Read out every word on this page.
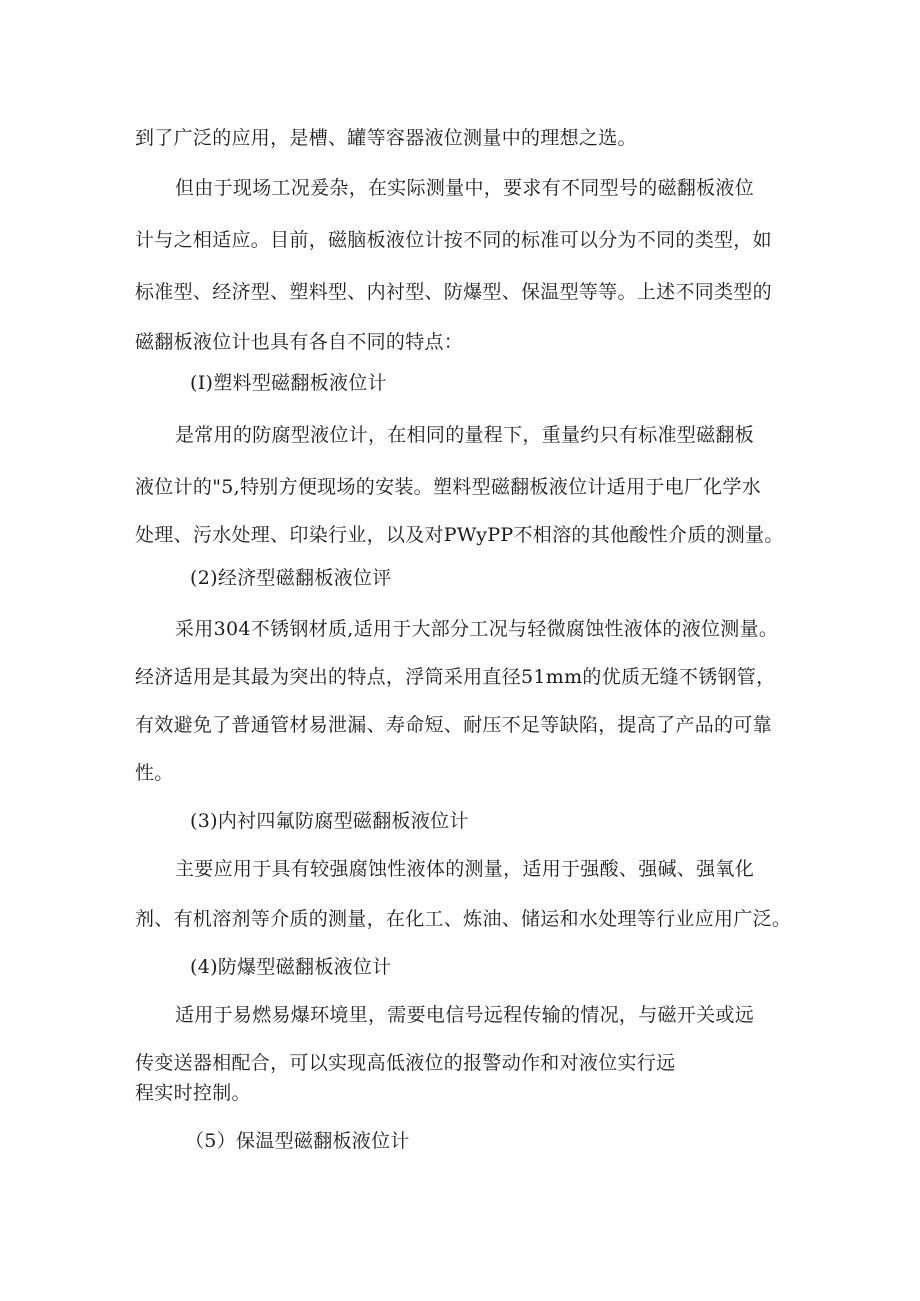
到了广泛的应用，是槽、罐等容器液位测量中的理想之选。
但由于现场工况爰杂，在实际测量中，要求有不同型号的磁翻板液位
计与之相适应。目前，磁脑板液位计按不同的标准可以分为不同的类型，如
标准型、经济型、塑料型、内衬型、防爆型、保温型等等。上述不同类型的
磁翻板液位计也具有各自不同的特点：
(I)塑料型磁翻板液位计
是常用的防腐型液位计，在相同的量程下，重量约只有标准型磁翻板
液位计的"5,特别方便现场的安装。塑料型磁翻板液位计适用于电厂化学水
处理、污水处理、印染行业，以及对PWyPP不相溶的其他酸性介质的测量。
(2)经济型磁翻板液位评
采用304不锈钢材质,适用于大部分工况与轻微腐蚀性液体的液位测量。
经济适用是其最为突出的特点，浮筒采用直径51mm的优质无缝不锈钢管，
有效避免了普通管材易泄漏、寿命短、耐压不足等缺陷，提高了产品的可靠
性。
(3)内衬四氟防腐型磁翻板液位计
主要应用于具有较强腐蚀性液体的测量，适用于强酸、强碱、强氧化
剂、有机溶剂等介质的测量，在化工、炼油、储运和水处理等行业应用广泛。
(4)防爆型磁翻板液位计
适用于易燃易爆环境里，需要电信号远程传输的情况，与磁开关或远
传变送器相配合，可以实现高低液位的报警动作和对液位实行远
程实时控制。
（5）保温型磁翻板液位计
